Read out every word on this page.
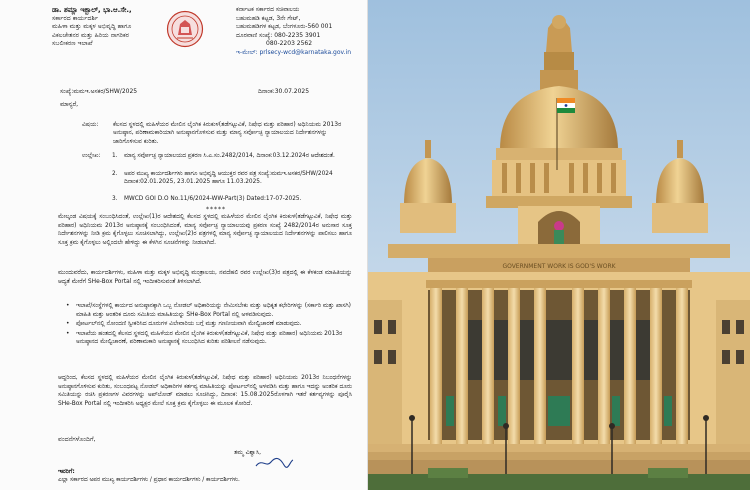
ಡಾ. ಶಮ್ಲಾ ಇಕ್ಬಾಲ್, ಭಾ.ಆ.ಸೇ.,
ಸರ್ಕಾರದ ಕಾರ್ಯದರ್ಶಿ
ಮಹಿಳಾ ಮತ್ತು ಮಕ್ಕಳ ಅಭಿವೃದ್ಧಿ ಹಾಗೂ
ವಿಕಲಚೇತನರ ಮತ್ತು ಹಿರಿಯ ನಾಗರಿಕರ
ಸಬಲೀಕರಣ ಇಲಾಖೆ
ಕರ್ನಾಟಕ ಸರ್ಕಾರದ ಸಚಿವಾಲಯ
ಬಹುಮಹಡಿ ಕಟ್ಟಡ, 3ನೇ ಗೇಟ್,
ಬಹುಮಹಡಿಗಳ ಕಟ್ಟಡ, ಬೆಂಗಳೂರು-560 001
ದೂರವಾಣಿ ಸಂಖ್ಯೆ: 080-2235 3901
080-2203 2562
ಇ-ಮೇಲ್: prlsecy-wcd@karnataka.gov.in
ಸಂಖ್ಯೆ:ಮಮಇ.ಅಸಕರ/SHW/2025	ದಿನಾಂಕ:30.07.2025
ಮಾನ್ಯರೆ,
ವಿಷಯ: ಕೆಲಸದ ಸ್ಥಳದಲ್ಲಿ ಮಹಿಳೆಯರ ಮೇಲಿನ ಲೈಂಗಿಕ ಕಿರುಕುಳ(ತಡೆಗಟ್ಟುವಿಕೆ, ನಿಷೇಧ ಮತ್ತು ಪರಿಹಾರ) ಅಧಿನಿಯಮ 2013ರ ಅನುಷ್ಠಾನ, ಪರಿಣಾಮಕಾರಿಯಾಗಿ ಅನುಷ್ಠಾನಗೊಳಿಸುವ ಮತ್ತು ಮಾನ್ಯ ಸರ್ವೋಚ್ಛ ನ್ಯಾಯಾಲಯದ ನಿರ್ದೇಶನಗಳನ್ನು ಜಾರಿಗೊಳಿಸುವ ಕುರಿತು.
ಉಲ್ಲೇಖ: 1. ಮಾನ್ಯ ಸರ್ವೋಚ್ಛ ನ್ಯಾಯಾಲಯದ ಪ್ರಕರಣ ಸಿ.ಎ.ಸಂ.2482/2014, ದಿನಾಂಕ:03.12.2024ರ ಆದೇಶದಂತೆ.
2. ಅಪರ ಮುಖ್ಯ ಕಾರ್ಯದರ್ಶಿಗಳು ಹಾಗೂ ಅಭಿವೃದ್ಧಿ ಆಯುಕ್ತರ ರವರ ಪತ್ರ ಸಂಖ್ಯೆ:ಮಮಇ.ಅಸಕರ/SHW/2024 ದಿನಾಂಕ:02.01.2025, 23.01.2025 ಹಾಗೂ 11.03.2025.
3. MWCD GOI D.O No.11/6/2024-WW-Part(3) Dated:17-07-2025.
*****
ಮೇಲ್ಕಂಡ ವಿಷಯಕ್ಕೆ ಸಂಬಂಧಿಸಿದಂತೆ, ಉಲ್ಲೇಖ(1)ರ ಆದೇಶದಲ್ಲಿ ಕೆಲಸದ ಸ್ಥಳದಲ್ಲಿ ಮಹಿಳೆಯರ ಮೇಲಿನ ಲೈಂಗಿಕ ಕಿರುಕುಳ(ತಡೆಗಟ್ಟುವಿಕೆ, ನಿಷೇಧ ಮತ್ತು ಪರಿಹಾರ) ಅಧಿನಿಯಮ 2013ರ ಅನುಷ್ಠಾನಕ್ಕೆ ಸಂಬಂಧಿಸಿದಂತೆ, ಮಾನ್ಯ ಸರ್ವೋಚ್ಛ ನ್ಯಾಯಾಲಯವು ಪ್ರಕರಣ ಸಂಖ್ಯೆ 2482/2014ರ ಅನುಸಾರ ಸೂಕ್ತ ನಿರ್ದೇಶನಗಳನ್ನು ನೀಡಿ ಕ್ರಮ ಕೈಗೊಳ್ಳಲು ಸೂಚಿಸಲಾಗಿದ್ದು, ಉಲ್ಲೇಖ(2)ರ ಪತ್ರಗಳಲ್ಲಿ ಮಾನ್ಯ ಸರ್ವೋಚ್ಛ ನ್ಯಾಯಾಲಯದ ನಿರ್ದೇಶನಗಳನ್ನು ಪಾಲಿಸಲು ಹಾಗೂ ಸೂಕ್ತ ಕ್ರಮ ಕೈಗೊಳ್ಳಲು ಅಲ್ಲಿಂದಲೇ ಹೇಳಿದ್ದು ಈ ಕೆಳಗಿನ ಸೂಚನೆಗಳನ್ನು ನೀಡಲಾಗಿದೆ.
ಮುಂದುವರೆದು, ಕಾರ್ಯದರ್ಶಿಗಳು, ಮಹಿಳಾ ಮತ್ತು ಮಕ್ಕಳ ಅಭಿವೃದ್ಧಿ ಮಂತ್ರಾಲಯ, ನವದೆಹಲಿ ರವರ ಉಲ್ಲೇಖ(3)ರ ಪತ್ರದಲ್ಲಿ ಈ ಕೆಳಕಂಡ ಮಾಹಿತಿಯನ್ನು ಆದ್ಯತೆ ಮೇರೆಗೆ SHe-Box Portal ನಲ್ಲಿ ಇಂದೀಕರಿಸುವಂತೆ ತಿಳಿಸಲಾಗಿದೆ.
• ಇಲಾಖೆ/ಸಂಸ್ಥೆಗಳಲ್ಲಿ ಕಾರ್ಯದ ಅನುಷ್ಠಾನಕ್ಕಾಗಿ ಒಬ್ಬ ನೋಡಲ್ ಅಧಿಕಾರಿಯನ್ನು ನೇಮಿಸಬೇಕು ಮತ್ತು ಅಧಿಕೃತ ಕಛೇರಿಗಳನ್ನು (ಸರ್ಕಾರಿ ಮತ್ತು ಖಾಸಗಿ) ಮಾಹಿತಿ ಮತ್ತು ಆಂತರಿಕ ದೂರು ಸಮಿತಿಯ ಮಾಹಿತಿಯನ್ನು SHe-Box Portal ನಲ್ಲಿ ಅಳವಡಿಸುವುದು.
• ಪೋರ್ಟಲ್‌ನಲ್ಲಿ ನೋಂದಣಿ ಸ್ವೀಕರಿಸಿದ ದೂರುಗಳ ವಿಲೇವಾರಿಯ ಬಗ್ಗೆ ಮತ್ತು ಗಣನೀಯವಾಗಿ ಮೇಲ್ವಿಚಾರಣೆ ಮಾಡುವುದು.
• ಇಲಾಖೆಯ ಹಂತದಲ್ಲಿ ಕೆಲಸದ ಸ್ಥಳದಲ್ಲಿ ಮಹಿಳೆಯರ ಮೇಲಿನ ಲೈಂಗಿಕ ಕಿರುಕುಳ(ತಡೆಗಟ್ಟುವಿಕೆ, ನಿಷೇಧ ಮತ್ತು ಪರಿಹಾರ) ಅಧಿನಿಯಮ 2013ರ ಅನುಷ್ಠಾನದ ಮೇಲ್ವಿಚಾರಣೆ, ಪರಿಣಾಮಕಾರಿ ಅನುಷ್ಠಾನಕ್ಕೆ ಸಂಬಂಧಿಸಿದ ಕುರಿತು ಪರಿಶೀಲನೆ ನಡೆಸುವುದು.
ಆದ್ದರಿಂದ, ಕೆಲಸದ ಸ್ಥಳದಲ್ಲಿ ಮಹಿಳೆಯರ ಮೇಲಿನ ಲೈಂಗಿಕ ಕಿರುಕುಳ(ತಡೆಗಟ್ಟುವಿಕೆ, ನಿಷೇಧ ಮತ್ತು ಪರಿಹಾರ) ಅಧಿನಿಯಮ 2013ರ ನಿಬಂಧನೆಗಳನ್ನು ಅನುಷ್ಠಾನಗೊಳಿಸುವ ಕುರಿತು, ಸಂಬಂಧಪಟ್ಟ ನೋಡಲ್ ಅಧಿಕಾರಿಗಳ ಕರ್ತವ್ಯ ಮಾಹಿತಿಯನ್ನು ಪೋರ್ಟಲ್‌ನಲ್ಲಿ ಅಳವಡಿಸಿ ಮತ್ತು ಹಾಗೂ ಇದನ್ನು ಅಂತರಿಕ ದೂರು ಸಮಿತಿಯನ್ನು ರಚಿಸಿ ಪ್ರಕರಣಗಳ ವಿವರಗಳನ್ನು ಅಪ್‌ಲೋಡ್ ಮಾಡಲು ಸೂಚಿಸಿದ್ದು, ದಿನಾಂಕ: 15.08.2025ರೊಳಗಾಗಿ ಇತರೆ ಕರ್ತವ್ಯಗಳನ್ನು ಪೂರೈಸಿ SHe-Box Portal ನಲ್ಲಿ ಇಂದೀಕರಿಸಿ ಅಧ್ಯಕ್ಷರ ಮೇಲೆ ಸೂಕ್ತ ಕ್ರಮ ಕೈಗೊಳ್ಳಲು ಈ ಮೂಲಕ ಕೋರಿದೆ.
ವಂದನೆಗಳೊಂದಿಗೆ,
ತಮ್ಮ ವಿಶ್ವಾಸಿ,
ಇವರಿಗೆ:
ಎಲ್ಲಾ ಸರ್ಕಾರದ ಅಪರ ಮುಖ್ಯ ಕಾರ್ಯದರ್ಶಿಗಳು / ಪ್ರಧಾನ ಕಾರ್ಯದರ್ಶಿಗಳು / ಕಾರ್ಯದರ್ಶಿಗಳು.
GOVERNMENT WORK IS GOD'S WORK
